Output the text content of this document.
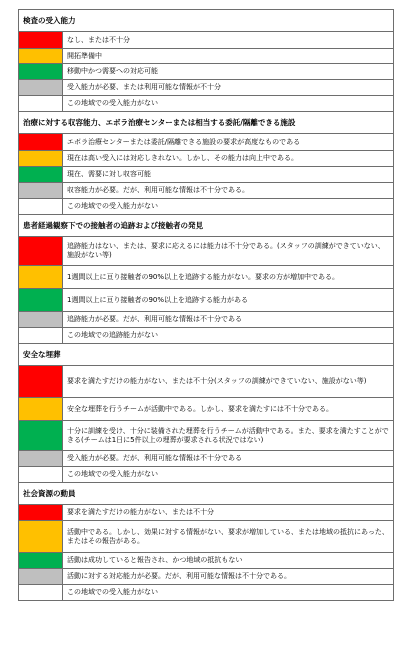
検査の受入能力	
	なし、または不十分
	開拓準備中
	移動中かつ需要への対応可能
	受入能力が必要、または利用可能な情報が不十分
	この地域での受入能力がない
治療に対する収容能力、エボラ治療センターまたは相当する委託/隔離できる施設	
	エボラ治療センターまたは委託/隔離できる施設の要求が高度なものである
	現在は高い受入には対応しきれない。しかし、その能力は向上中である。
	現在、需要に対し収容可能
	収容能力が必要。だが、利用可能な情報は不十分である。
	この地域での受入能力がない
患者経過観察下での接触者の追跡および接触者の発見	
	追跡能力はない、または、要求に応えるには能力は不十分である。(スタッフの訓練ができていない、施設がない等)
	1週間以上に亘り接触者の90%以上を追跡する能力がない。要求の方が増加中である。
	1週間以上に亘り接触者の90%以上を追跡する能力がある
	追跡能力が必要。だが、利用可能な情報は不十分である
	この地域での追跡能力がない
安全な埋葬	
	要求を満たすだけの能力がない、または不十分(スタッフの訓練ができていない、施設がない等)
	安全な埋葬を行うチームが活動中である。しかし、要求を満たすには不十分である。
	十分に訓練を受け、十分に装備された埋葬を行うチームが活動中である。また、要求を満たすことができる(チームは1日に5件以上の埋葬が要求される状況ではない)
	受入能力が必要。だが、利用可能な情報は不十分である
	この地域での受入能力がない
社会資源の動員	
	要求を満たすだけの能力がない、または不十分
	活動中である。しかし、効果に対する情報がない、要求が増加している、または地域の抵抗にあった、またはその報告がある。
	活動は成功していると報告され、かつ地域の抵抗もない
	活動に対する対応能力が必要。だが、利用可能な情報は不十分である。
	この地域での受入能力がない
